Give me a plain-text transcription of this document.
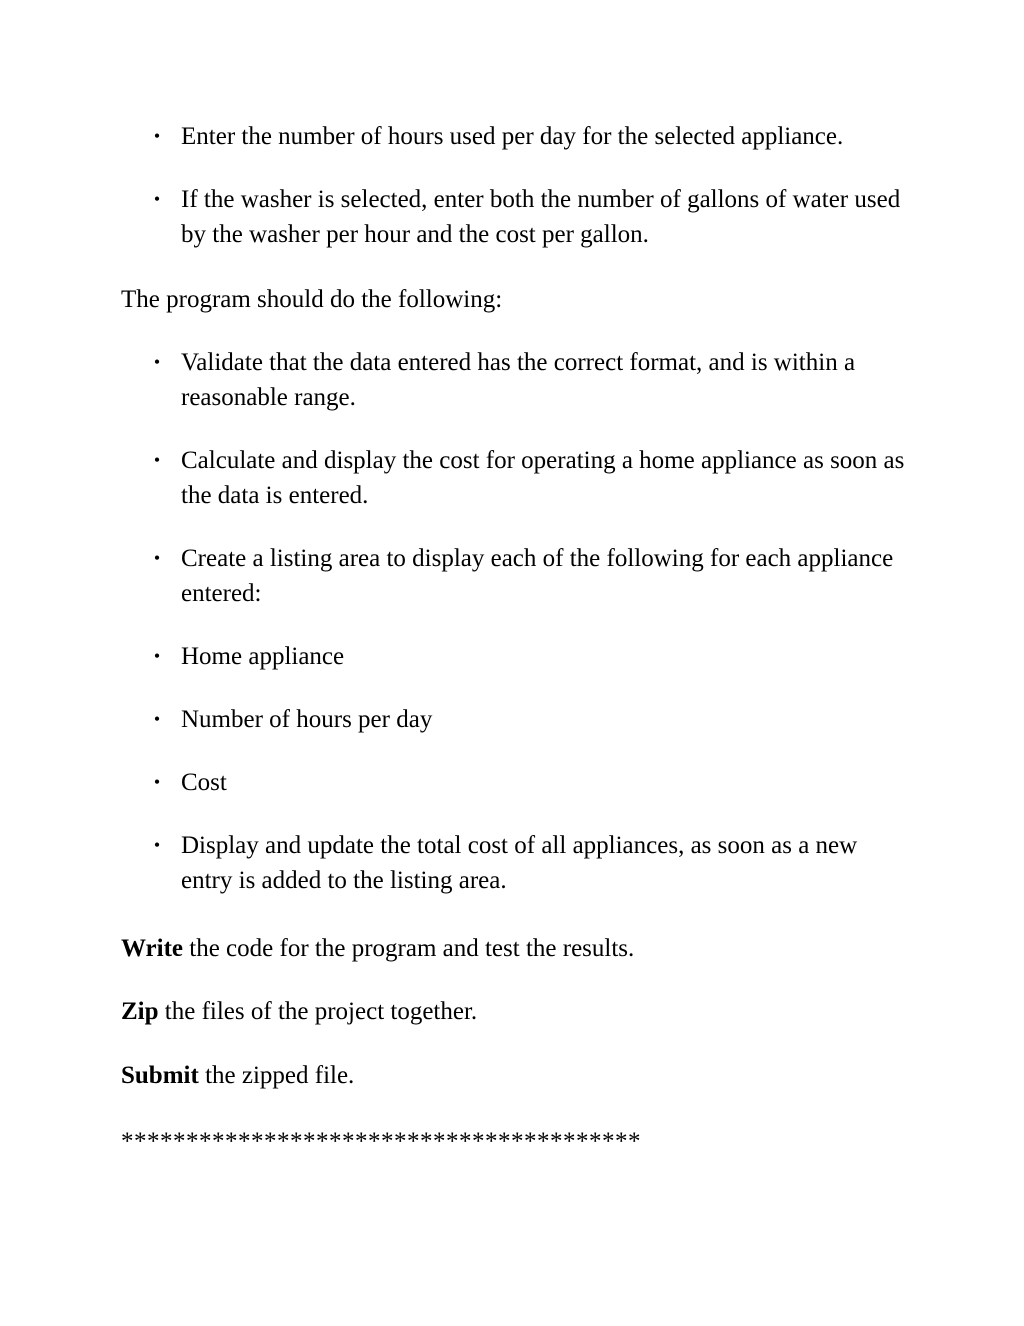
• Enter the number of hours used per day for the selected appliance.
• If the washer is selected, enter both the number of gallons of water used by the washer per hour and the cost per gallon.

The program should do the following:

• Validate that the data entered has the correct format, and is within a reasonable range.
• Calculate and display the cost for operating a home appliance as soon as the data is entered.
• Create a listing area to display each of the following for each appliance entered:
• Home appliance
• Number of hours per day
• Cost
• Display and update the total cost of all appliances, as soon as a new entry is added to the listing area.

Write the code for the program and test the results.

Zip the files of the project together.

Submit the zipped file.

****************************************
